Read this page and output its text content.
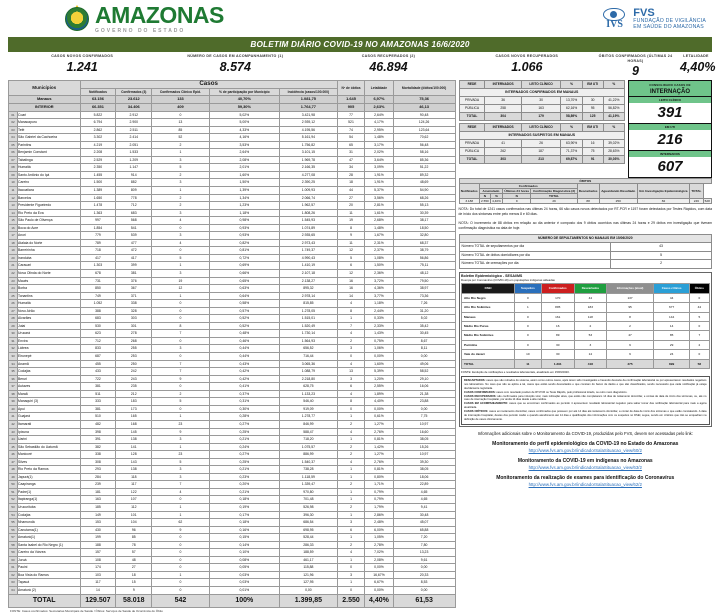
AMAZONAS
GOVERNO DO ESTADO
IVS
FVS
FUNDAÇÃO DE VIGILÂNCIA
EM SAÚDE DO AMAZONAS
BOLETIM DIÁRIO COVID-19 NO AMAZONAS 16/6/2020
CASOS NOVOS CONFIRMADOS
1.241
NÚMERO DE CASOS EM ACOMPANHAMENTO (1)
8.574
CASOS RECUPERADOS (2)
46.894
CASOS NOVOS RECUPERADOS
1.066
ÓBITOS CONFIRMADOS (ÚLTIMAS 24 HORAS)
9
LETALIDADE
4,40%
Municípios		Casos					Nº de óbitos	Letalidade	Mortalidade (óbitos/100.000)
		Notificados	Confirmados (3)	Confirmados Clínico Epid.	% de participação por Município	Incidência (casos/100.000)			
Manaus		63.156	23.612	133	40,70%	1.081,75	1.645	6,97%	75,36
INTERIOR		66.351	34.406	409	59,30%	1.764,77	905	2,63%	46,13
01	Coari	5.822	2.912	0	5,02%	3.421,98	77	2,64%	90,48
02	Manacapuru	6.794	2.900	13	5,00%	2.939,12	521	4,17%	124,26
03	Tefé	2.862	2.511	85	4,33%	4.195,56	74	2,95%	123,64
04	São Gabriel da Cachoeira	3.302	2.414	52	4,16%	5.161,94	54	1,48%	70,62
05	Parintins	4.219	2.051	2	3,53%	1.756,82	65	3,17%	56,48
06	Benjamin Constant	2.208	1.533	1	2,64%	3.101,15	31	2,02%	58,16
07	Tabatinga	2.529	1.209	3	2,08%	1.969,78	47	3,64%	85,36
08	Humaitá	2.350	1.147	5	2,01%	2.166,35	34	3,09%	51,22
09	Santo Antônio do Içá	1.455	914	2	1,60%	4.277,08	28	1,91%	89,32
10	Careiro	1.500	882	3	1,50%	2.390,25	18	1,91%	48,69
11	Itacoatiara	1.389	809	1	1,39%	1.009,93	44	5,37%	54,90
12	Barcelos	1.650	778	2	1,34%	2.066,74	27	3,56%	68,26
13	Presidente Figueiredo	1.478	712	2	1,23%	1.962,57	20	2,81%	55,13
14	Rio Preto da Eva	1.363	683	3	1,18%	1.808,26	11	1,61%	30,39
15	São Paulo de Olivença	997	568	4	0,98%	1.545,93	19	2,68%	38,17
16	Boca do Acre	1.854	541	0	0,93%	1.074,89	8	1,48%	18,50
17	Anori	779	539	3	0,93%	2.935,65	9	1,67%	32,80
18	Atalaia do Norte	789	477	4	0,82%	2.973,43	11	2,31%	68,37
19	Barreirinha	718	472	0	0,81%	1.749,37	12	2,37%	38,79
20	Iranduba	417	417	5	0,72%	4.990,43	5	1,08%	56,86
21	Carauari	1.303	399	1	0,69%	1.410,19	6	1,50%	75,11
22	Nova Olinda do Norte	678	381	3	0,66%	2.107,18	12	2,36%	48,12
23	Maués	731	376	19	0,65%	2.138,27	16	3,72%	79,50
24	Borba	850	367	12	0,63%	895,32	16	4,36%	38,97
25	Tonantins	749	371	1	0,64%	2.978,14	14	3,77%	73,36
26	Humaitá	1.052	338	0	0,58%	815,85	4	1,18%	7,26
27	Novo Airão	388	328	0	0,57%	1.278,05	8	2,44%	31,20
28	Alvarães	683	303	0	0,52%	1.515,01	1	0,33%	5,02
29	Jutaí	530	301	8	0,52%	1.520,49	7	2,33%	35,42
30	Urucará	623	278	7	0,48%	1.730,14	4	1,43%	30,45
31	Envira	712	268	0	0,46%	1.564,93	2	0,75%	8,67
32	Lábrea	833	255	3	0,44%	656,52	3	1,06%	8,11
33	Eirunepé	687	253	0	0,44%	716,44	0	0,00%	0,00
34	Anamã	455	250	7	0,43%	3.065,36	4	1,60%	49,06
35	Codajás	433	242	7	0,42%	1.088,79	13	5,39%	58,52
36	Beruri	722	243	9	0,42%	2.218,80	3	1,20%	29,10
37	Autazes	381	235	0	0,41%	628,75	6	2,55%	16,06
38	Maraã	511	212	2	0,37%	1.133,23	4	1,89%	21,38
39	Manaquiri (3)	333	183	5	0,31%	546,40	8	4,40%	23,88
40	Apuí	381	173	0	0,30%	919,09	0	0,00%	0,00
41	Guajará	510	165	1	0,28%	1.278,77	1	0,61%	7,75
42	Itamarati	482	168	23	0,27%	846,99	2	1,27%	10,97
43	Ipixuna	398	145	9	0,25%	588,47	4	2,76%	16,60
44	Uarini	391	138	3	0,21%	718,20	1	0,81%	38,05
45	São Sebastião do Uatumã	382	141	1	0,24%	1.075,57	2	1,42%	15,26
46	Manicoré	338	128	23	0,27%	886,99	2	1,27%	10,97
47	Silves	308	143	5	0,25%	1.540,37	4	2,76%	39,30
48	Rio Preto da Ramos	293	138	3	0,21%	738,28	1	0,81%	38,05
49	Japurá(1)	284	118	3	0,23%	1.118,59	1	0,80%	18,06
50	Caapiranga	239	117	7	0,20%	1.339,47	2	1,71%	22,89
51	Padre(1)	181	122	4	0,21%	970,80	1	0,79%	4,65
52	Itapiranga(1)	163	107	0	0,18%	701,48	1	0,79%	4,65
53	Urucurituba	185	112	1	0,19%	526,98	2	1,79%	9,41
54	Codajás	149	101	1	0,17%	396,30	1	2,86%	30,48
55	Nhamundá	153	104	62	0,18%	686,54	3	2,48%	45,07
56	Canutama(1)	430	96	9	0,16%	698,95	6	6,00%	65,88
57	Amaturá(1)	199	85	0	0,15%	528,44	1	1,05%	7,20
58	Santa Isabel do Rio Negro (1)	188	78	0	0,14%	286,33	2	2,78%	7,80
59	Careiro da Várzea	157	57	0	0,10%	188,59	4	7,02%	13,23
60	Juruá	108	48	0	0,08%	461,17	1	2,08%	9,61
61	Pauini	174	27	0	0,05%	115,88	0	0,00%	0,00
62	Boa Vista do Ramos	103	18	1	0,03%	121,96	3	16,67%	20,33
63	Tapauá	117	15	0	0,03%	127,95	1	6,67%	8,53
64	Amaturá (2)	14	9	0	0,01%	0,00	0	0,00%	0,00
TOTAL		129.507	58.018	542	100%	1.399,85	2.550	4,40%	61,53
FONTE: Casos confirmados: Secretarias Municipais de Saúde / Óbitos: Serviços de Saúde de Ocorrência do Óbito
INTERNADOS CONFIRMADOS EM MANAUS					
REDE	INTERNADOS	LEITO CLÍNICO	%	EM UTI	%
PRIVADA	36	30	13,70%	30	41,22%
PÚBLICA	258	163	62,16%	95	56,82%
TOTAL	304	179	58,89%	125	41,19%
INTERNADOS SUSPEITOS EM MANAUS					
REDE	INTERNADOS	LEITO CLÍNICO	%	EM UTI	%
PRIVADA	41	26	63,90%	16	39,02%
PÚBLICA	262	187	71,37%	75	28,63%
TOTAL	303	213	69,87%	91	30,03%
CONSOLIDADO CASOS DE
INTERNAÇÃO
LEITO CLÍNICO
391
EM UTI
216
INTERNADOS
607
ÓBITOS									
Notificados	Confirmados				Descartados	Aguardando Resultado	Em Investigação Epidemiológica	TOTAL	
	Acumulado		Últimas 24 horas	Confirmação Diagnóstica (3)					
	N	%	N	TOTAL					
3.188	2.550	4,40%	9	29	88	250	82	246	528
NOTA: Do total de 1241 casos confirmados nas últimas 24 horas, 66 são casos novos detectados por RT-PCR e 1197 foram detectados por Testes Rápidos, com data de início dos sintomas entre pelo menos 8 e 60 dias.
NOTA: O incremento de 88 óbitos em relação ao dia anterior é composto dos 9 óbitos ocorridos nas últimas 24 horas e 29 óbitos em investigação que tiveram confirmação diagnóstica na data de hoje.
NÚMERO DE SEPULTAMENTOS NO MANAUS EM 15/06/2020	
Número TOTAL de sepultamentos por dia	43
Número TOTAL de óbitos domiciliares por dia	5
Número TOTAL de cremações por dia	2
Boletim Epidemiológico - SESAI/MS
Doença por Coronavírus (COVID-19) em populações indígenas aldeadas
DSEI	Suspeitos	Confirmados	Descartados	Informações (atual)	Casos críticos	Óbitos
Alto Rio Negro	0	170	44	137	44	0
Alto Rio Solimões	1	895	183	95	677	44
Manaus	0	161	118	8	144	5
Médio Rio Purus	0	16	2	2	14	0
Médio Rio Solimões	0	89	53	47	85	7
Parintins	0	30	3	9	29	2
Vale do Javari	10	30	14	9	24	0
TOTAL	11	1.391	418	275	899	58
FONTE: Evolução de notificações e resultados laboratoriais, atualizado em 15/06/2020.
DESCARTADOS: casos que são retirados do sistema, assim como outros casos, após terem sido investigados e havendo descarte da confirmação laboratorial ou por apresentarem resultados negativos nos laboratórios. No caso que não se aplica a tal, casos que estão sendo descartados e que constam do banco de dados e que são classificados, sendo necessário que cada notificação já esteja devidamente registrada.
CASOS CONFIRMADOS: casos com resultado positivo de RT-PCR ou Teste Rápido, pelo profissional lotado, ou outro meio diagnóstico.
CASOS RECUPERADOS: são confirmados para infecção viral, mais indicação ativa, que estão não completaram 14 dias de isolamento domiciliar, e contas de data de início dos sintomas, ou, até no caso de internação hospitalar, por ainda 14 dias desde a alta médica.
CASOS EM ACOMPANHAMENTO: casos que se encontram confirmados ao período 4 apresentem resultado laboratorial negativo para saber tomar das notificação laboratorial para mais a agora atualizada.
CASOS CRÍTICOS: casos em isolamento domiciliar, casos confirmados que possuem por até 14 dias até isolamento domiciliar, a contar de data de início dos sintomas e que estão constatando. A data de internação hospitalar, destes dos período médio e quando atendimento até 14 dias e qualificação dos informações com os suspeitos no DSEI, segue, sendo em critérios que não se enquadram na definição de casos clinicamente.
Informações adicionais sobre o Monitoramento da COVID-19, produzidas pelo FVS, devem ser acessadas pelo link:
Monitoramento do perfil epidemiológico da COVID-19 no Estado do Amazonas
http://www.fvs.am.gov.br/indicadorSalaSituacao_view/60/2
Monitoramento da COVID-19 em indígenas no Amazonas
http://www.fvs.am.gov.br/indicadorSalaSituacao_view/63/2
Monitoramento da realização de exames para identificação do Coronavírus
http://www.fvs.am.gov.br/indicadorSalaSituacao_view/62/2
